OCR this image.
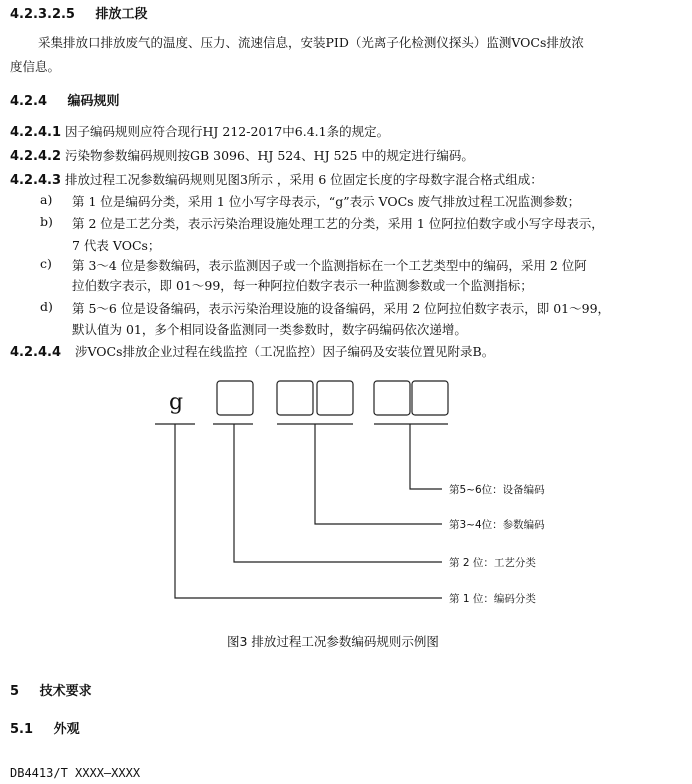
4.2.3.2.5 排放工段
采集排放口排放废气的温度、压力、流速信息，安装PID（光离子化检测仪探头）监测VOCs排放浓
度信息。
4.2.4 编码规则
4.2.4.1 因子编码规则应符合现行HJ 212-2017中6.4.1条的规定。
4.2.4.2 污染物参数编码规则按GB 3096、HJ 524、HJ 525 中的规定进行编码。
4.2.4.3 排放过程工况参数编码规则见图3所示 ，采用 6 位固定长度的字母数字混合格式组成：
a) 第 1 位是编码分类，采用 1 位小写字母表示，“g”表示 VOCs 废气排放过程工况监测参数；
b) 第 2 位是工艺分类，表示污染治理设施处理工艺的分类，采用 1 位阿拉伯数字或小写字母表示，
7 代表 VOCs；
c) 第 3～4 位是参数编码，表示监测因子或一个监测指标在一个工艺类型中的编码，采用 2 位阿
拉伯数字表示，即 01～99，每一种阿拉伯数字表示一种监测参数或一个监测指标；
d) 第 5～6 位是设备编码，表示污染治理设施的设备编码，采用 2 位阿拉伯数字表示，即 01～99，
默认值为 01，多个相同设备监测同一类参数时，数字码编码依次递增。
4.2.4.4 涉VOCs排放企业过程在线监控（工况监控）因子编码及安装位置见附录B。
g
第5~6位：设备编码
第3~4位：参数编码
第 2 位：工艺分类
第 1 位：编码分类
图3 排放过程工况参数编码规则示例图
5 技术要求
5.1 外观
DB4413/T XXXX—XXXX
